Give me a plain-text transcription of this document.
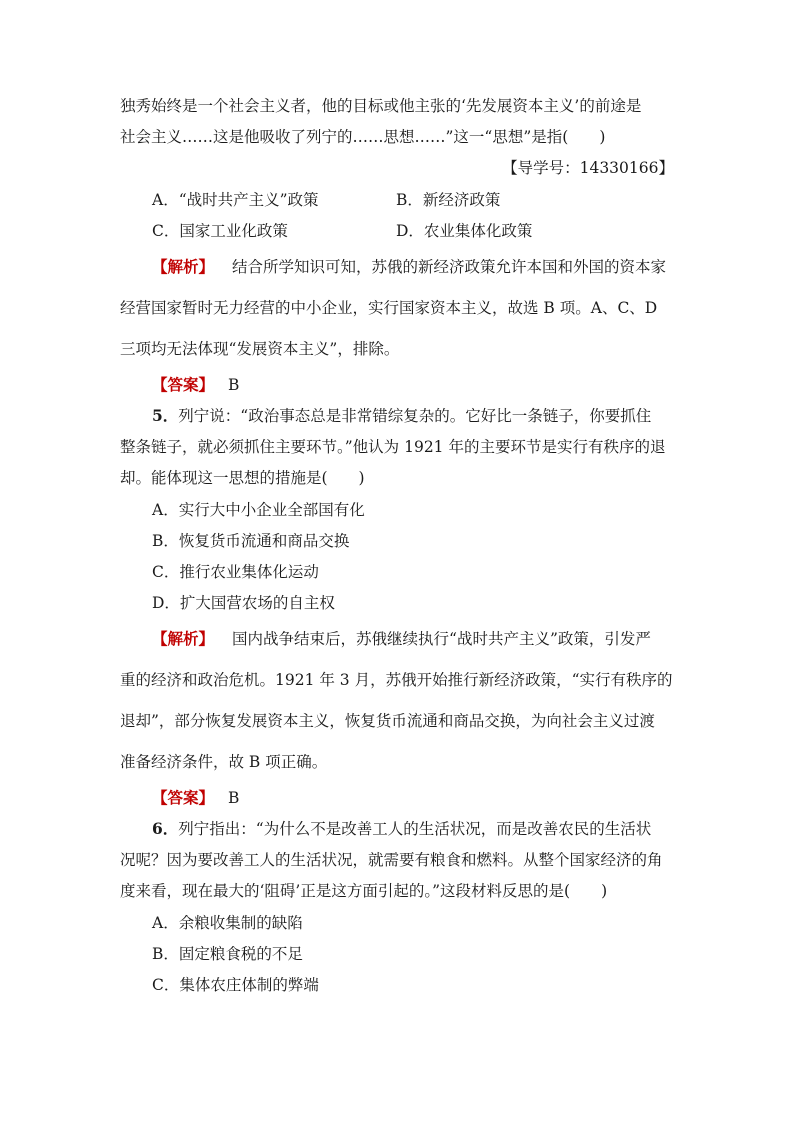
独秀始终是一个社会主义者，他的目标或他主张的‘先发展资本主义’的前途是
社会主义……这是他吸收了列宁的……思想……”这一“思想”是指(　　)
【导学号：14330166】
A．“战时共产主义”政策	B．新经济政策
C．国家工业化政策	D．农业集体化政策
【解析】 结合所学知识可知，苏俄的新经济政策允许本国和外国的资本家
经营国家暂时无力经营的中小企业，实行国家资本主义，故选 B 项。A、C、D
三项均无法体现“发展资本主义”，排除。
【答案】 B
5．列宁说：“政治事态总是非常错综复杂的。它好比一条链子，你要抓住
整条链子，就必须抓住主要环节。”他认为 1921 年的主要环节是实行有秩序的退
却。能体现这一思想的措施是(　　)
A．实行大中小企业全部国有化
B．恢复货币流通和商品交换
C．推行农业集体化运动
D．扩大国营农场的自主权
【解析】 国内战争结束后，苏俄继续执行“战时共产主义”政策，引发严
重的经济和政治危机。1921 年 3 月，苏俄开始推行新经济政策，“实行有秩序的
退却”，部分恢复发展资本主义，恢复货币流通和商品交换，为向社会主义过渡
准备经济条件，故 B 项正确。
【答案】 B
6．列宁指出：“为什么不是改善工人的生活状况，而是改善农民的生活状
况呢？因为要改善工人的生活状况，就需要有粮食和燃料。从整个国家经济的角
度来看，现在最大的‘阻碍’正是这方面引起的。”这段材料反思的是(　　)
A．余粮收集制的缺陷
B．固定粮食税的不足
C．集体农庄体制的弊端
